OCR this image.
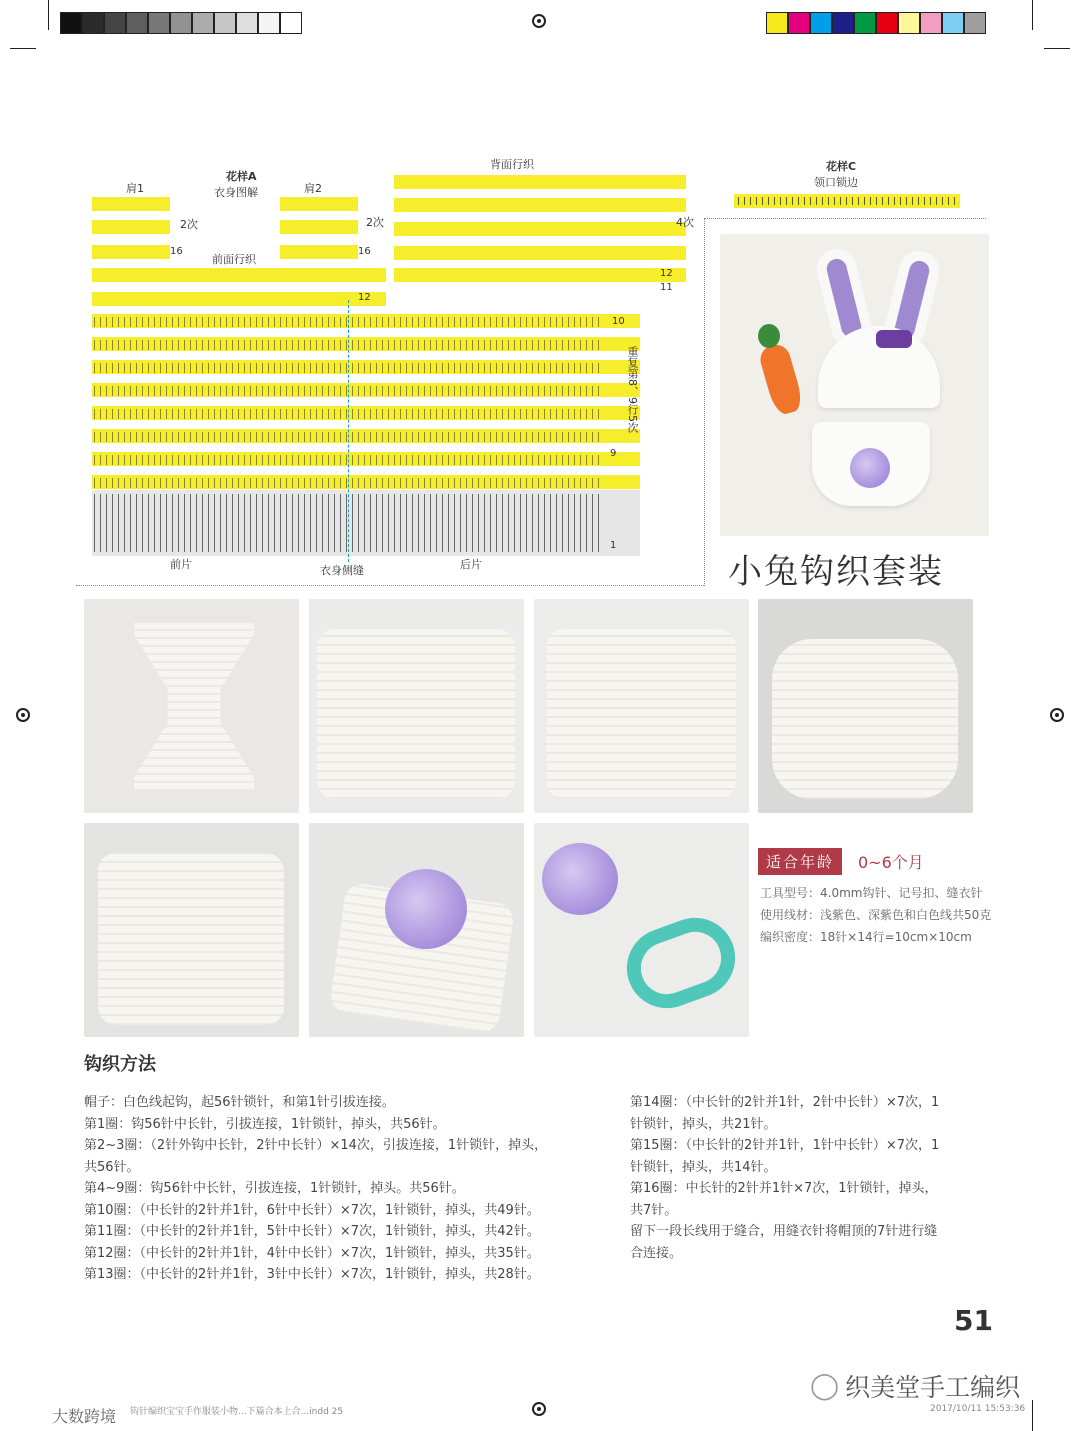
花样A
衣身图解
肩1	肩2
背面行织
2次
16
2次
16
前面行织
4次
12
11
12
10
9
重复第8、9行5次
1
前片	衣身侧缝	后片
花样C
领口锁边
小兔钩织套装
适合年龄	0~6个月
工具型号：4.0mm钩针、记号扣、缝衣针
使用线材：浅紫色、深紫色和白色线共50克
编织密度：18针×14行=10cm×10cm
钩织方法
帽子：白色线起钩，起56针锁针，和第1针引拔连接。
第1圈：钩56针中长针，引拔连接，1针锁针，掉头，共56针。
第2~3圈：（2针外钩中长针，2针中长针）×14次，引拔连接，1针锁针，掉头，
共56针。
第4~9圈：钩56针中长针，引拔连接，1针锁针，掉头。共56针。
第10圈：（中长针的2针并1针，6针中长针）×7次，1针锁针，掉头，共49针。
第11圈：（中长针的2针并1针，5针中长针）×7次，1针锁针，掉头，共42针。
第12圈：（中长针的2针并1针，4针中长针）×7次，1针锁针，掉头，共35针。
第13圈：（中长针的2针并1针，3针中长针）×7次，1针锁针，掉头，共28针。
第14圈：（中长针的2针并1针，2针中长针）×7次，1
针锁针，掉头，共21针。
第15圈：（中长针的2针并1针，1针中长针）×7次，1
针锁针，掉头，共14针。
第16圈：中长针的2针并1针×7次，1针锁针，掉头，
共7针。
留下一段长线用于缝合，用缝衣针将帽顶的7针进行缝
合连接。
51
◯ 织美堂手工编织
大数跨境 钩针编织宝宝手作服装小物...下篇合本上合...indd 25	2017/10/11 15:53:36
